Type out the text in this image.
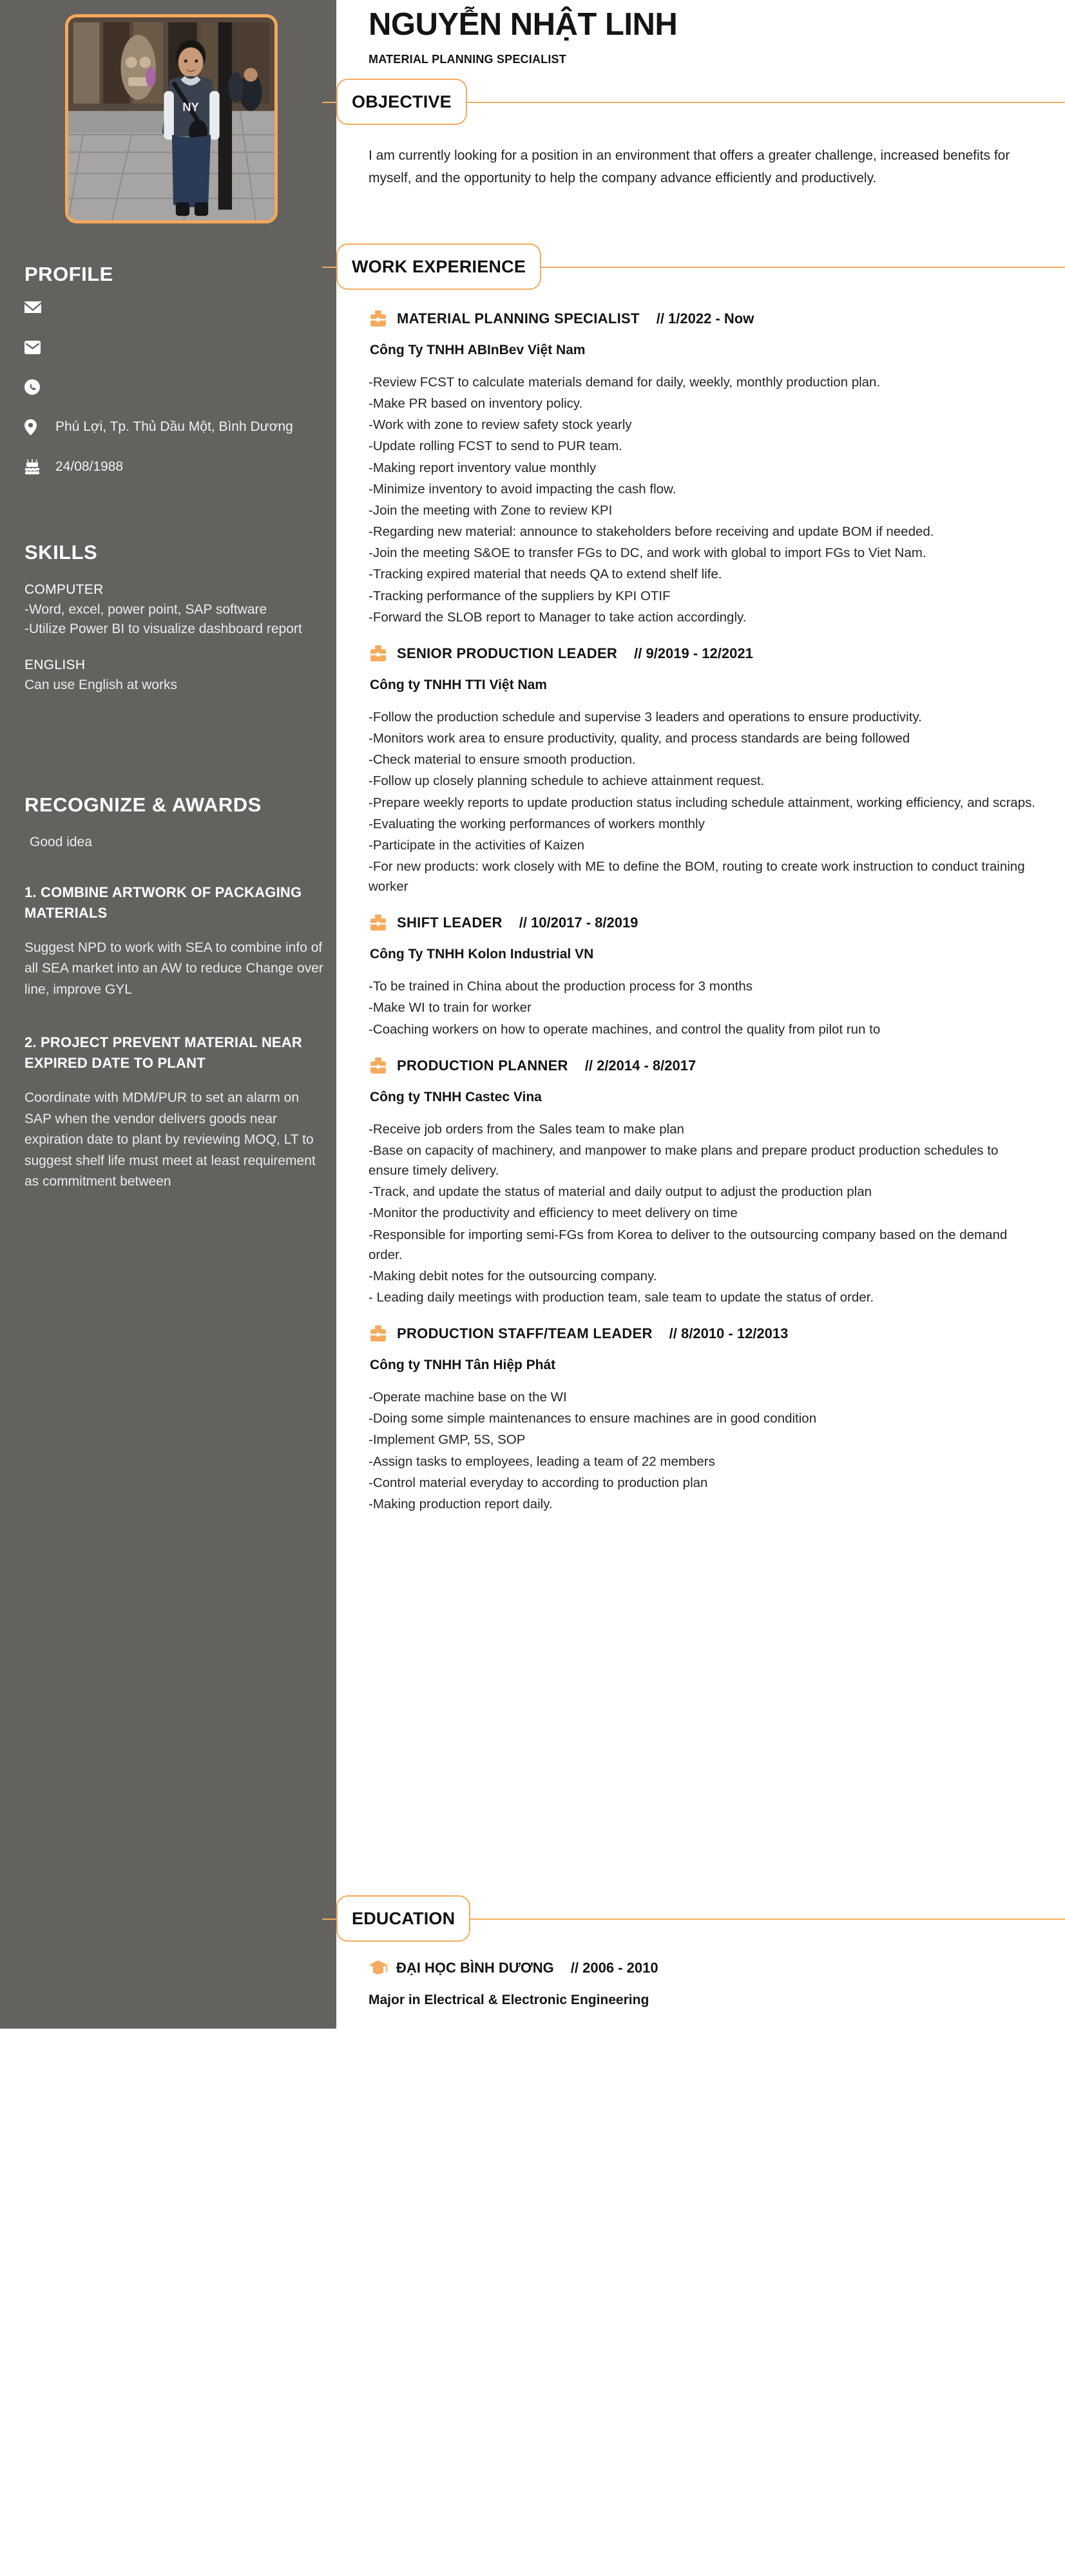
NY
PROFILE
Phú Lợi, Tp. Thủ Dầu Một, Bình Dương
24/08/1988
SKILLS
COMPUTER
-Word, excel, power point, SAP software
-Utilize Power BI to visualize dashboard report
ENGLISH
Can use English at works
RECOGNIZE & AWARDS
Good idea
1. COMBINE ARTWORK OF PACKAGING MATERIALS
Suggest NPD to work with SEA to combine info of all SEA market into an AW to reduce Change over line, improve GYL
2. PROJECT PREVENT MATERIAL NEAR EXPIRED DATE TO PLANT
Coordinate with MDM/PUR to set an alarm on SAP when the vendor delivers goods near expiration date to plant by reviewing MOQ, LT to suggest shelf life must meet at least requirement as commitment between
NGUYỄN NHẬT LINH
MATERIAL PLANNING SPECIALIST
OBJECTIVE

I am currently looking for a position in an environment that offers a greater challenge, increased benefits for myself, and the opportunity to help the company advance efficiently and productively.

WORK EXPERIENCE
MATERIAL PLANNING SPECIALIST // 1/2022 - Now
Công Ty TNHH ABInBev Việt Nam
-Review FCST to calculate materials demand for daily, weekly, monthly production plan.
-Make PR based on inventory policy.
-Work with zone to review safety stock yearly
-Update rolling FCST to send to PUR team.
-Making report inventory value monthly
-Minimize inventory to avoid impacting the cash flow.
-Join the meeting with Zone to review KPI
-Regarding new material: announce to stakeholders before receiving and update BOM if needed.
-Join the meeting S&OE to transfer FGs to DC, and work with global to import FGs to Viet Nam.
-Tracking expired material that needs QA to extend shelf life.
-Tracking performance of the suppliers by KPI OTIF
-Forward the SLOB report to Manager to take action accordingly.
SENIOR PRODUCTION LEADER // 9/2019 - 12/2021
Công ty TNHH TTI Việt Nam
-Follow the production schedule and supervise 3 leaders and operations to ensure productivity.
-Monitors work area to ensure productivity, quality, and process standards are being followed
-Check material to ensure smooth production.
-Follow up closely planning schedule to achieve attainment request.
-Prepare weekly reports to update production status including schedule attainment, working efficiency, and scraps.
-Evaluating the working performances of workers monthly
-Participate in the activities of Kaizen
-For new products: work closely with ME to define the BOM, routing to create work instruction to conduct training worker
SHIFT LEADER // 10/2017 - 8/2019
Công Ty TNHH Kolon Industrial VN
-To be trained in China about the production process for 3 months
-Make WI to train for worker
-Coaching workers on how to operate machines, and control the quality from pilot run to
PRODUCTION PLANNER // 2/2014 - 8/2017
Công ty TNHH Castec Vina
-Receive job orders from the Sales team to make plan
-Base on capacity of machinery, and manpower to make plans and prepare product production schedules to ensure timely delivery.
-Track, and update the status of material and daily output to adjust the production plan
-Monitor the productivity and efficiency to meet delivery on time
-Responsible for importing semi-FGs from Korea to deliver to the outsourcing company based on the demand order.
-Making debit notes for the outsourcing company.
- Leading daily meetings with production team, sale team to update the status of order.
PRODUCTION STAFF/TEAM LEADER // 8/2010 - 12/2013
Công ty TNHH Tân Hiệp Phát
-Operate machine base on the WI
-Doing some simple maintenances to ensure machines are in good condition
-Implement GMP, 5S, SOP
-Assign tasks to employees, leading a team of 22 members
-Control material everyday to according to production plan
-Making production report daily.
EDUCATION
ĐẠI HỌC BÌNH DƯƠNG // 2006 - 2010
Major in Electrical & Electronic Engineering
